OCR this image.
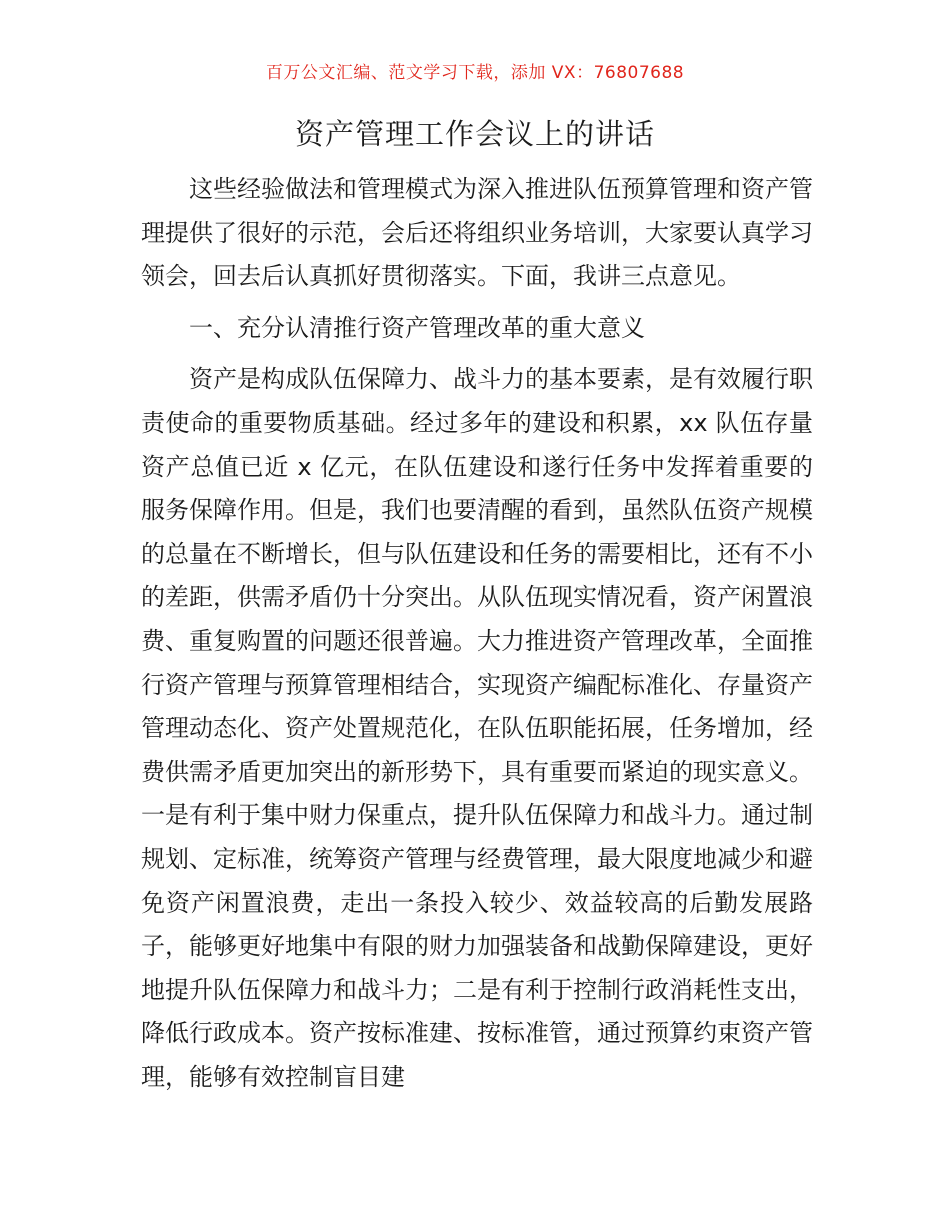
百万公文汇编、范文学习下载，添加 VX：76807688
资产管理工作会议上的讲话

这些经验做法和管理模式为深入推进队伍预算管理和资产管理提供了很好的示范，会后还将组织业务培训，大家要认真学习领会，回去后认真抓好贯彻落实。下面，我讲三点意见。

一、充分认清推行资产管理改革的重大意义

资产是构成队伍保障力、战斗力的基本要素，是有效履行职责使命的重要物质基础。经过多年的建设和积累，xx 队伍存量资产总值已近 x 亿元，在队伍建设和遂行任务中发挥着重要的服务保障作用。但是，我们也要清醒的看到，虽然队伍资产规模的总量在不断增长，但与队伍建设和任务的需要相比，还有不小的差距，供需矛盾仍十分突出。从队伍现实情况看，资产闲置浪费、重复购置的问题还很普遍。大力推进资产管理改革，全面推行资产管理与预算管理相结合，实现资产编配标准化、存量资产管理动态化、资产处置规范化，在队伍职能拓展，任务增加，经费供需矛盾更加突出的新形势下，具有重要而紧迫的现实意义。一是有利于集中财力保重点，提升队伍保障力和战斗力。通过制规划、定标准，统筹资产管理与经费管理，最大限度地减少和避免资产闲置浪费，走出一条投入较少、效益较高的后勤发展路子，能够更好地集中有限的财力加强装备和战勤保障建设，更好地提升队伍保障力和战斗力；二是有利于控制行政消耗性支出，降低行政成本。资产按标准建、按标准管，通过预算约束资产管理，能够有效控制盲目建
